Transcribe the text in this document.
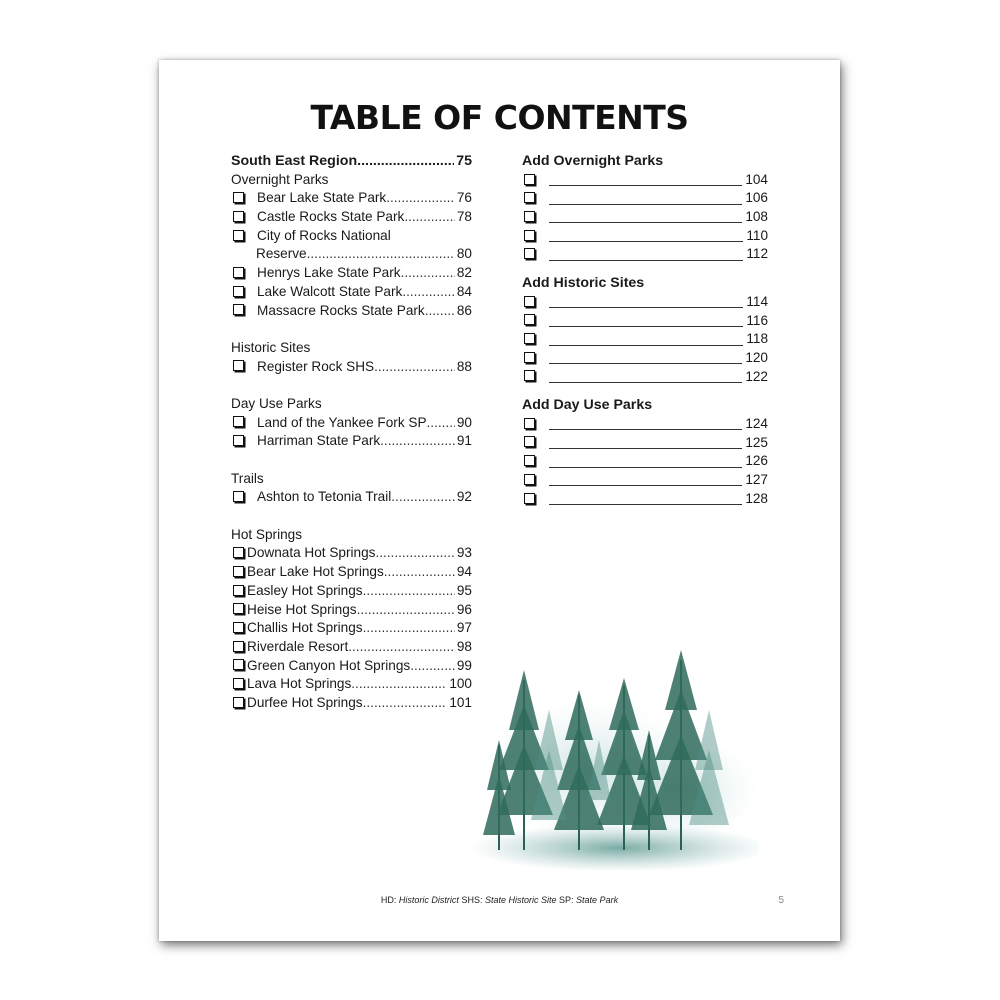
TABLE OF CONTENTS
South East Region .....	75
Overnight Parks
Bear Lake State Park .....	76
Castle Rocks State Park .....	78
City of Rocks National
Reserve .....	80
Henrys Lake State Park .....	82
Lake Walcott State Park .....	84
Massacre Rocks State Park ..... 86
Historic Sites
Register Rock SHS .....	88
Day Use Parks
Land of the Yankee Fork SP ..... 90
Harriman State Park .....	91
Trails
Ashton to Tetonia Trail .....	92
Hot Springs
Downata Hot Springs .....	93
Bear Lake Hot Springs .....	94
Easley Hot Springs .....	95
Heise Hot Springs .....	96
Challis Hot Springs .....	97
Riverdale Resort .....	98
Green Canyon Hot Springs .....	99
Lava Hot Springs .....	100
Durfee Hot Springs .....	101
Add Overnight Parks
104
106
108
110
112
Add Historic Sites
114
116
118
120
122
Add Day Use Parks
124
125
126
127
128
HD: Historic District SHS: State Historic Site SP: State Park	5
